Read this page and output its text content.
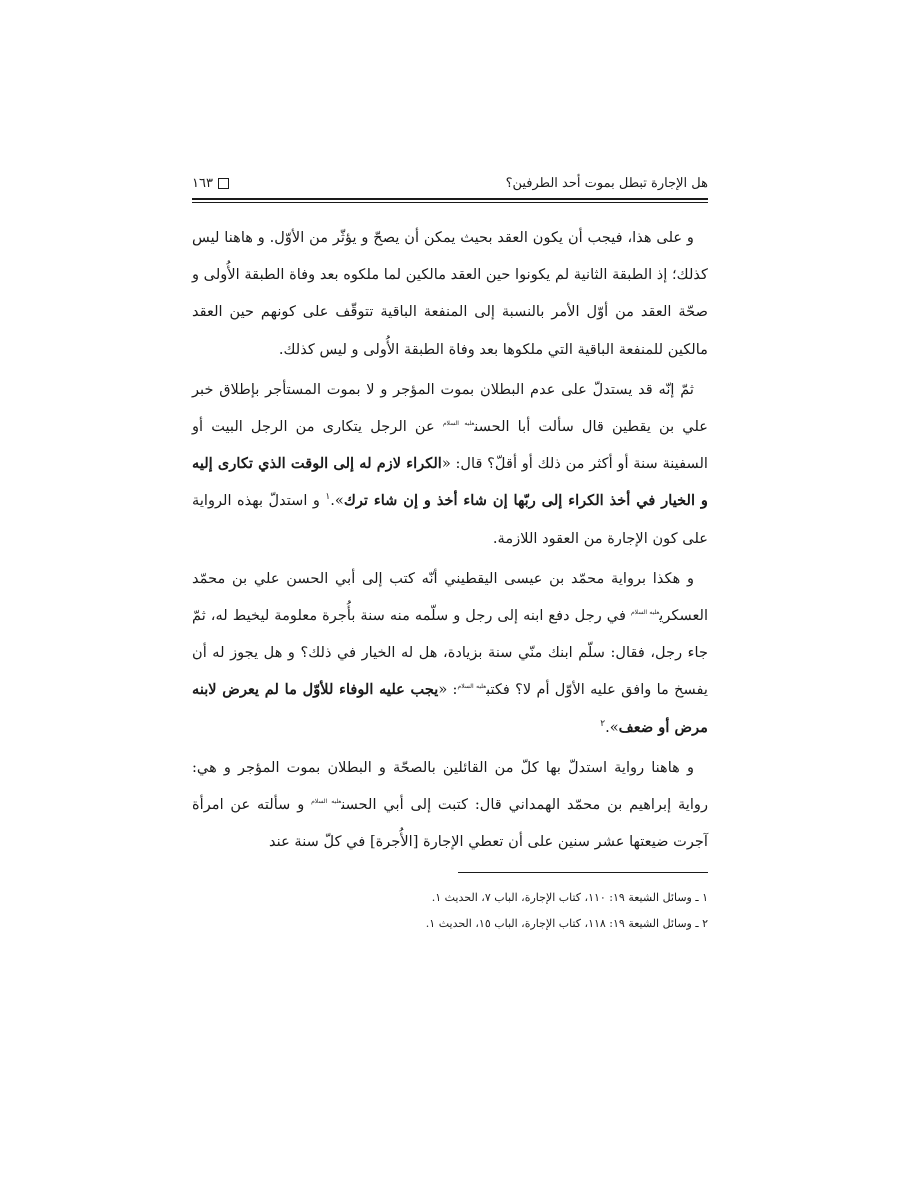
هل الإجارة تبطل بموت أحد الطرفين؟
١٦٣

و على هذا، فيجب أن يكون العقد بحيث يمكن أن يصحّ و يؤثّر من الأوّل. و هاهنا ليس كذلك؛ إذ الطبقة الثانية لم يكونوا حين العقد مالكين لما ملكوه بعد وفاة الطبقة الأُولى و صحّة العقد من أوّل الأمر بالنسبة إلى المنفعة الباقية تتوقّف على كونهم حين العقد مالكين للمنفعة الباقية التي ملكوها بعد وفاة الطبقة الأُولى و ليس كذلك.

ثمّ إنّه قد يستدلّ على عدم البطلان بموت المؤجر و لا بموت المستأجر بإطلاق خبر علي بن يقطين قال سألت أبا الحسن$^{عليه السلام}$ عن الرجل يتكارى من الرجل البيت أو السفينة سنة أو أكثر من ذلك أو أقلّ؟ قال: «الكراء لازم له إلى الوقت الذي تكارى إليه و الخيار في أخذ الكراء إلى ربّها إن شاء أخذ و إن شاء ترك».$^١$ و استدلّ بهذه الرواية على كون الإجارة من العقود اللازمة.

و هكذا برواية محمّد بن عيسى اليقطيني أنّه كتب إلى أبي الحسن علي بن محمّد العسكري$^{عليه السلام}$ في رجل دفع ابنه إلى رجل و سلّمه منه سنة بأُجرة معلومة ليخيط له، ثمّ جاء رجل، فقال: سلّم ابنك منّي سنة بزيادة، هل له الخيار في ذلك؟ و هل يجوز له أن يفسخ ما وافق عليه الأوّل أم لا؟ فكتب$^{عليه السلام}$: «يجب عليه الوفاء للأوّل ما لم يعرض لابنه مرض أو ضعف».$^٢$

و هاهنا رواية استدلّ بها كلّ من القائلين بالصحّة و البطلان بموت المؤجر و هي: رواية إبراهيم بن محمّد الهمداني قال: كتبت إلى أبي الحسن$^{عليه السلام}$ و سألته عن امرأة آجرت ضيعتها عشر سنين على أن تعطي الإجارة [الأُجرة] في كلّ سنة عند

١ ـ وسائل الشيعة ١٩: ١١٠، كتاب الإجارة، الباب ٧، الحديث ١.
٢ ـ وسائل الشيعة ١٩: ١١٨، كتاب الإجارة، الباب ١٥، الحديث ١.
